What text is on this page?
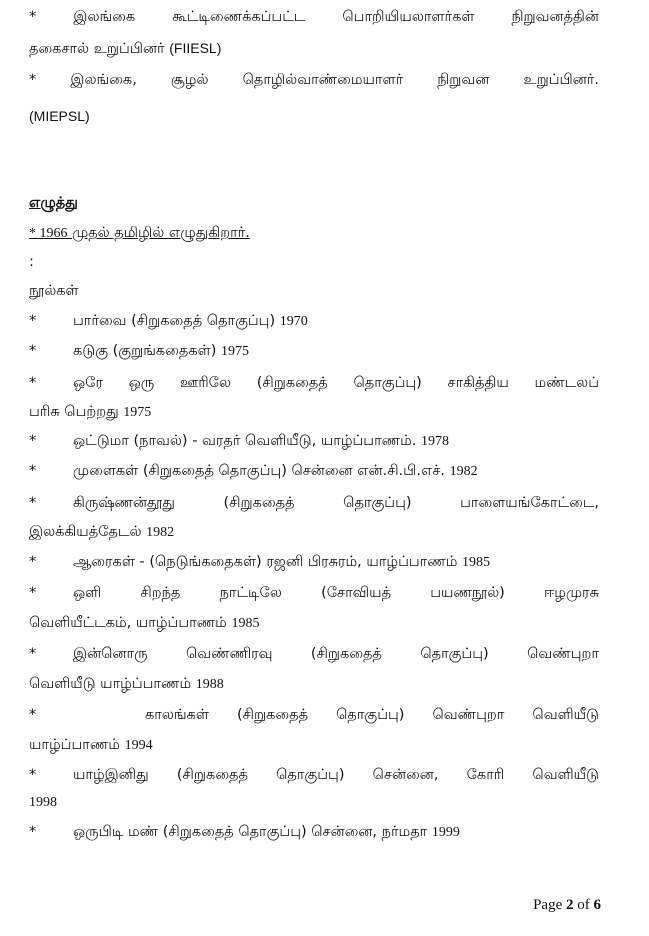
* இலங்கை கூட்டிணைக்கப்பட்ட பொறியியலாளர்கள் நிறுவனத்தின்
தகைசால் உறுப்பினர் (FIIESL)
* இலங்கை, சூழல் தொழில்வாண்மையாளர் நிறுவன உறுப்பினர்.
(MIEPSL)
எழுத்து
* 1966 முதல் தமிழில் எழுதுகிறார்.
:
நூல்கள்
*	பார்வை (சிறுகதைத் தொகுப்பு) 1970
*	கடுகு (குறுங்கதைகள்) 1975
*	ஒரே ஒரு ஊரிலே (சிறுகதைத் தொகுப்பு) சாகித்திய மண்டலப்
பரிசு பெற்றது 1975
*	ஒட்டுமா (நாவல்) - வரதர் வெளியீடு, யாழ்ப்பாணம். 1978
*	முளைகள் (சிறுகதைத் தொகுப்பு) சென்னை என்.சி.பி.எச். 1982
*	கிருஷ்ணன்தூது (சிறுகதைத் தொகுப்பு) பாளையங்கோட்டை,
இலக்கியத்தேடல் 1982
*	ஆரைகள் - (நெடுங்கதைகள்) ரஜனி பிரசுரம், யாழ்ப்பாணம் 1985
*	ஒளி சிறந்த நாட்டிலே (சோவியத் பயணநூல்) ஈழமுரசு
வெளியீட்டகம், யாழ்ப்பாணம் 1985
*	இன்னொரு வெண்ணிரவு (சிறுகதைத் தொகுப்பு) வெண்புறா
வெளியீடு யாழ்ப்பாணம் 1988
*	காலங்கள் (சிறுகதைத் தொகுப்பு) வெண்புறா வெளியீடு
யாழ்ப்பாணம் 1994
*	யாழ்இனிது (சிறுகதைத் தொகுப்பு) சென்னை, கோரி வெளியீடு
1998
*	ஒருபிடி மண் (சிறுகதைத் தொகுப்பு) சென்னை, நர்மதா 1999
Page 2 of 6
